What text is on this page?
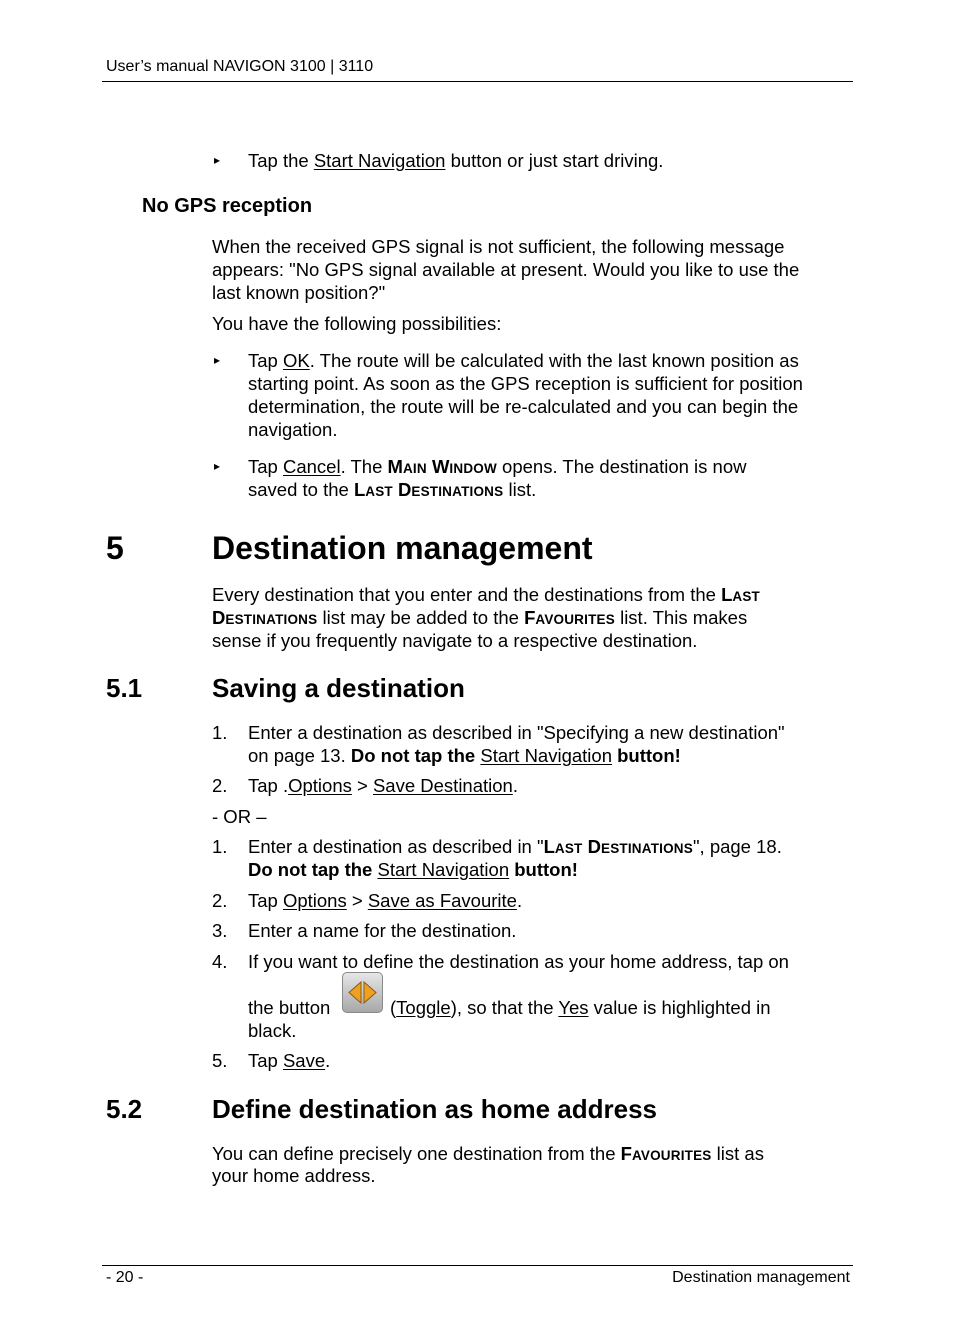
User’s manual NAVIGON 3100 | 3110
▸ Tap the Start Navigation button or just start driving.

No GPS reception

When the received GPS signal is not sufficient, the following message

appears: "No GPS signal available at present. Would you like to use the

last known position?"

You have the following possibilities:

▸ Tap OK. The route will be calculated with the last known position as

starting point. As soon as the GPS reception is sufficient for position

determination, the route will be re-calculated and you can begin the

navigation.

▸ Tap Cancel. The MAIN WINDOW opens. The destination is now

saved to the LAST DESTINATIONS list.

5	Destination management

Every destination that you enter and the destinations from the LAST

DESTINATIONS list may be added to the FAVOURITES list. This makes

sense if you frequently navigate to a respective destination.

5.1	Saving a destination
1. Enter a destination as described in "Specifying a new destination"

on page 13. Do not tap the Start Navigation button!

2. Tap .Options > Save Destination.

- OR –

1. Enter a destination as described in "LAST DESTINATIONS", page 18.

Do not tap the Start Navigation button!

2. Tap Options > Save as Favourite.

3. Enter a name for the destination.

4. If you want to define the destination as your home address, tap on

the button	(Toggle), so that the Yes value is highlighted in

black.

5. Tap Save.

5.2	Define destination as home address

You can define precisely one destination from the FAVOURITES list as

your home address.

- 20 -	Destination management
